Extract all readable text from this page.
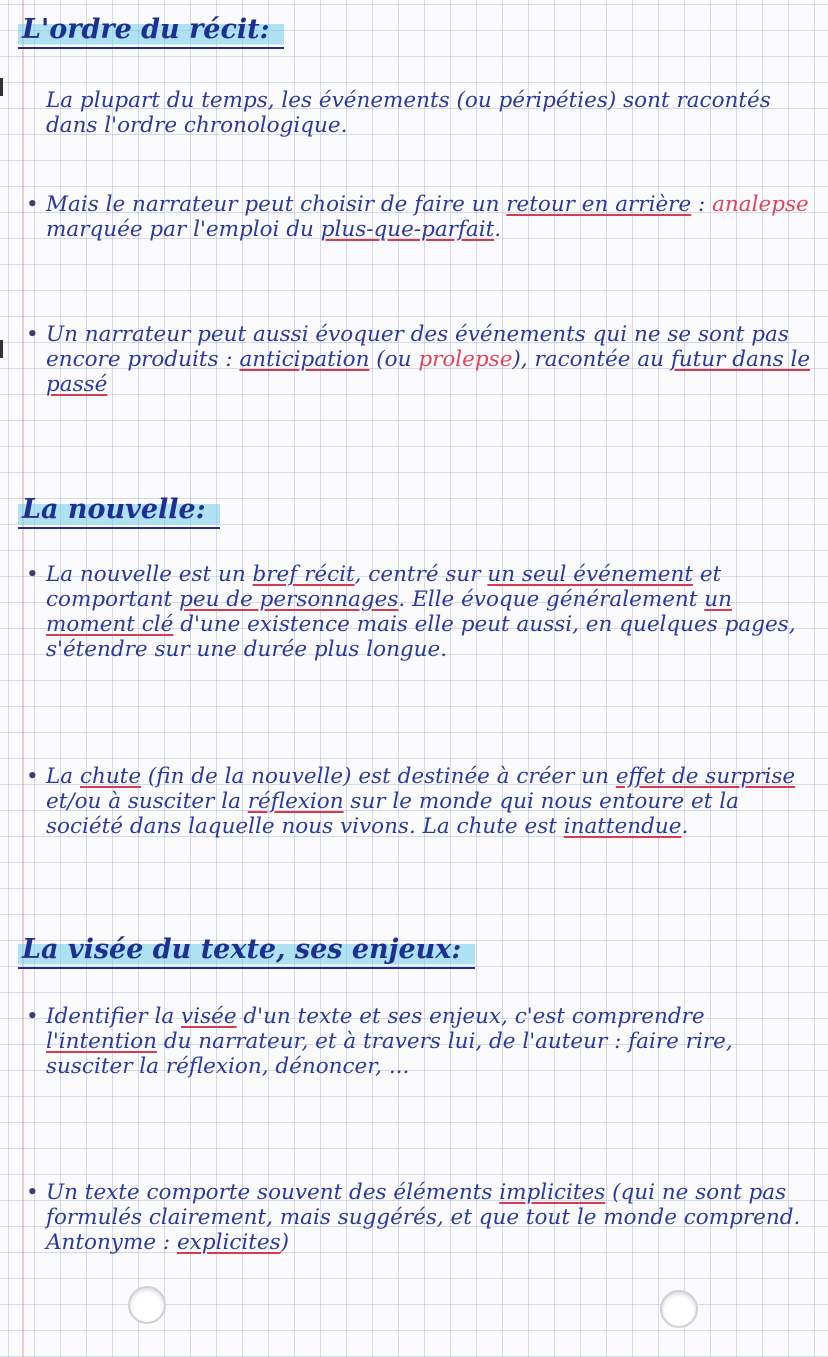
L'ordre du récit:
La plupart du temps, les événements (ou péripéties) sont racontés dans l'ordre chronologique.
• Mais le narrateur peut choisir de faire un retour en arrière : analepse marquée par l'emploi du plus-que-parfait.
• Un narrateur peut aussi évoquer des événements qui ne se sont pas encore produits : anticipation (ou prolepse), racontée au futur dans le passé
La nouvelle:
• La nouvelle est un bref récit, centré sur un seul événement et comportant peu de personnages. Elle évoque généralement un moment clé d'une existence mais elle peut aussi, en quelques pages, s'étendre sur une durée plus longue.
• La chute (fin de la nouvelle) est destinée à créer un effet de surprise et/ou à susciter la réflexion sur le monde qui nous entoure et la société dans laquelle nous vivons. La chute est inattendue.
La visée du texte, ses enjeux:
• Identifier la visée d'un texte et ses enjeux, c'est comprendre l'intention du narrateur, et à travers lui, de l'auteur : faire rire, susciter la réflexion, dénoncer, ...
• Un texte comporte souvent des éléments implicites (qui ne sont pas formulés clairement, mais suggérés, et que tout le monde comprend. Antonyme : explicites)
